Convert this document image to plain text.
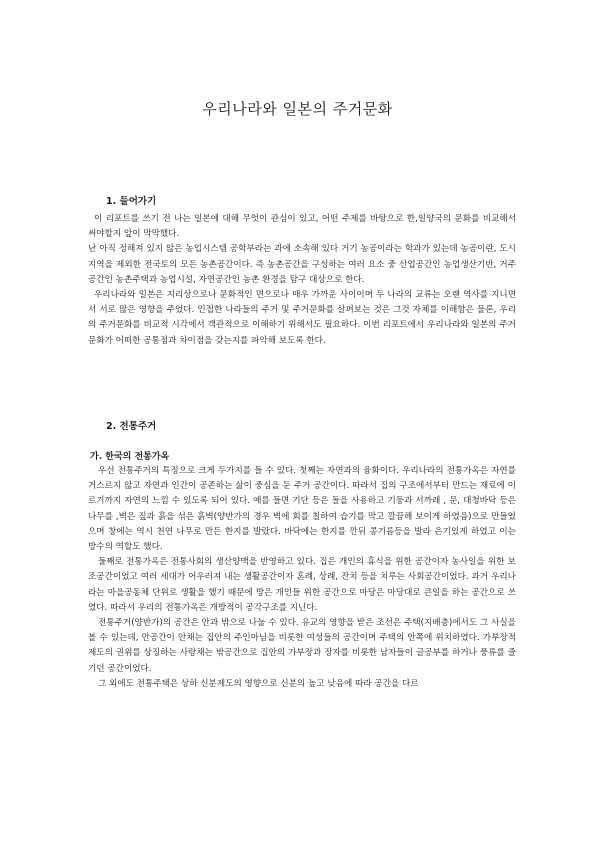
우리나라와 일본의 주거문화
1. 들어가기

이 리포트를 쓰기 전 나는 일본에 대해 무엇이 관심이 있고, 어떤 주제를 바탕으로 한,일양국의 문화를 비교해서 써야할지 앞이 막막했다.

난 아직 정해져 있지 않은 농업시스템 공학부라는 과에 소속해 있다 거기 농공이라는 학과가 있는데 농공이란, 도시지역을 제외한 전국토의 모든 농촌공간이다. 즉 농촌공간을 구성하는 여러 요소 중 산업공간인 농업생산기반, 거주공간인 농촌주택과 농업시설, 자연공간인 농촌 환경을 탐구 대상으로 한다.

우리나라와 일본은 지리상으로나 문화적인 면으로나 매우 가까운 사이이며 두 나라의 교류는 오랜 역사를 지니면서 서로 많은 영향을 주었다. 인접한 나라들의 주거 및 주거문화를 살펴보는 것은 그것 자체를 이해함은 물론, 우리의 주거문화를 비교적 시각에서 객관적으로 이해하기 위해서도 필요하다. 이번 리포트에서 우리나라와 일본의 주거문화가 어떠한 공통점과 차이점을 갖는지를 파악해 보도록 한다.

2. 전통주거
가. 한국의 전통가옥

우선 전통주거의 특징으로 크게 두가지를 들 수 있다. 첫째는 자연과의 융화이다. 우리나라의 전통가옥은 자연를 거스르지 않고 자연과 인간이 공존하는 삶이 중심을 둔 주거 공간이다. 따라서 집의 구조에서부터 만드는 재료에 이르기까지 자연의 느낌 수 있도록 되어 있다. 예를 들면 기단 등은 돌을 사용하고 기둥과 서까래 , 문, 대청바닥 등은 나무를 ,벽은 짚과 흙을 섞은 흙벽(양반가의 경우 벽에 회를 칠하여 습기를 막고 깔끔해 보이게 하였음)으로 만들었으며 창에는 역시 천연 나무로 만든 한지를 발랐다. 바닥에는 한지를 깐뒤 콩기름등을 발라 은기있게 하였고 이는 방수의 역할도 했다.

둘째로 전통가옥은 전통사회의 생산양맥을 반영하고 있다. 집은 개인의 휴식을 위한 공간이자 농사일을 위한 보조공간이었고 여러 세대가 어우러져 내는 생활공간이자 혼례, 상례, 잔치 등을 치루는 사회공간이었다. 과거 우리나라는 마을공동체 단위로 생활을 했기 때문에 방은 개인들 위한 공간으로 마당은 마당대로 큰일을 하는 공간으로 쓰였다. 따라서 우리의 전통가옥은 개방적이 공각구조를 지닌다.

전통주거(양반가)의 공간은 안과 밖으로 나눌 수 있다. 유교의 영향을 받은 조선은 주택(지배층)에서도 그 사실을 볼 수 있는데, 안공간이 안채는 집안의 주인마님을 비롯한 여성들의 공간이며 주택의 안쪽에 위치하였다. 가부장적 제도의 권위를 상징하는 사랑채는 밖공간으로 집안의 가부장과 장자를 비롯한 남자들이 글공부를 하거나 풍류를 즐기던 공간이었다.

그 외에도 전통주택은 상하 신분제도의 영향으로 신분의 높고 낮음에 따라 공간을 다르
